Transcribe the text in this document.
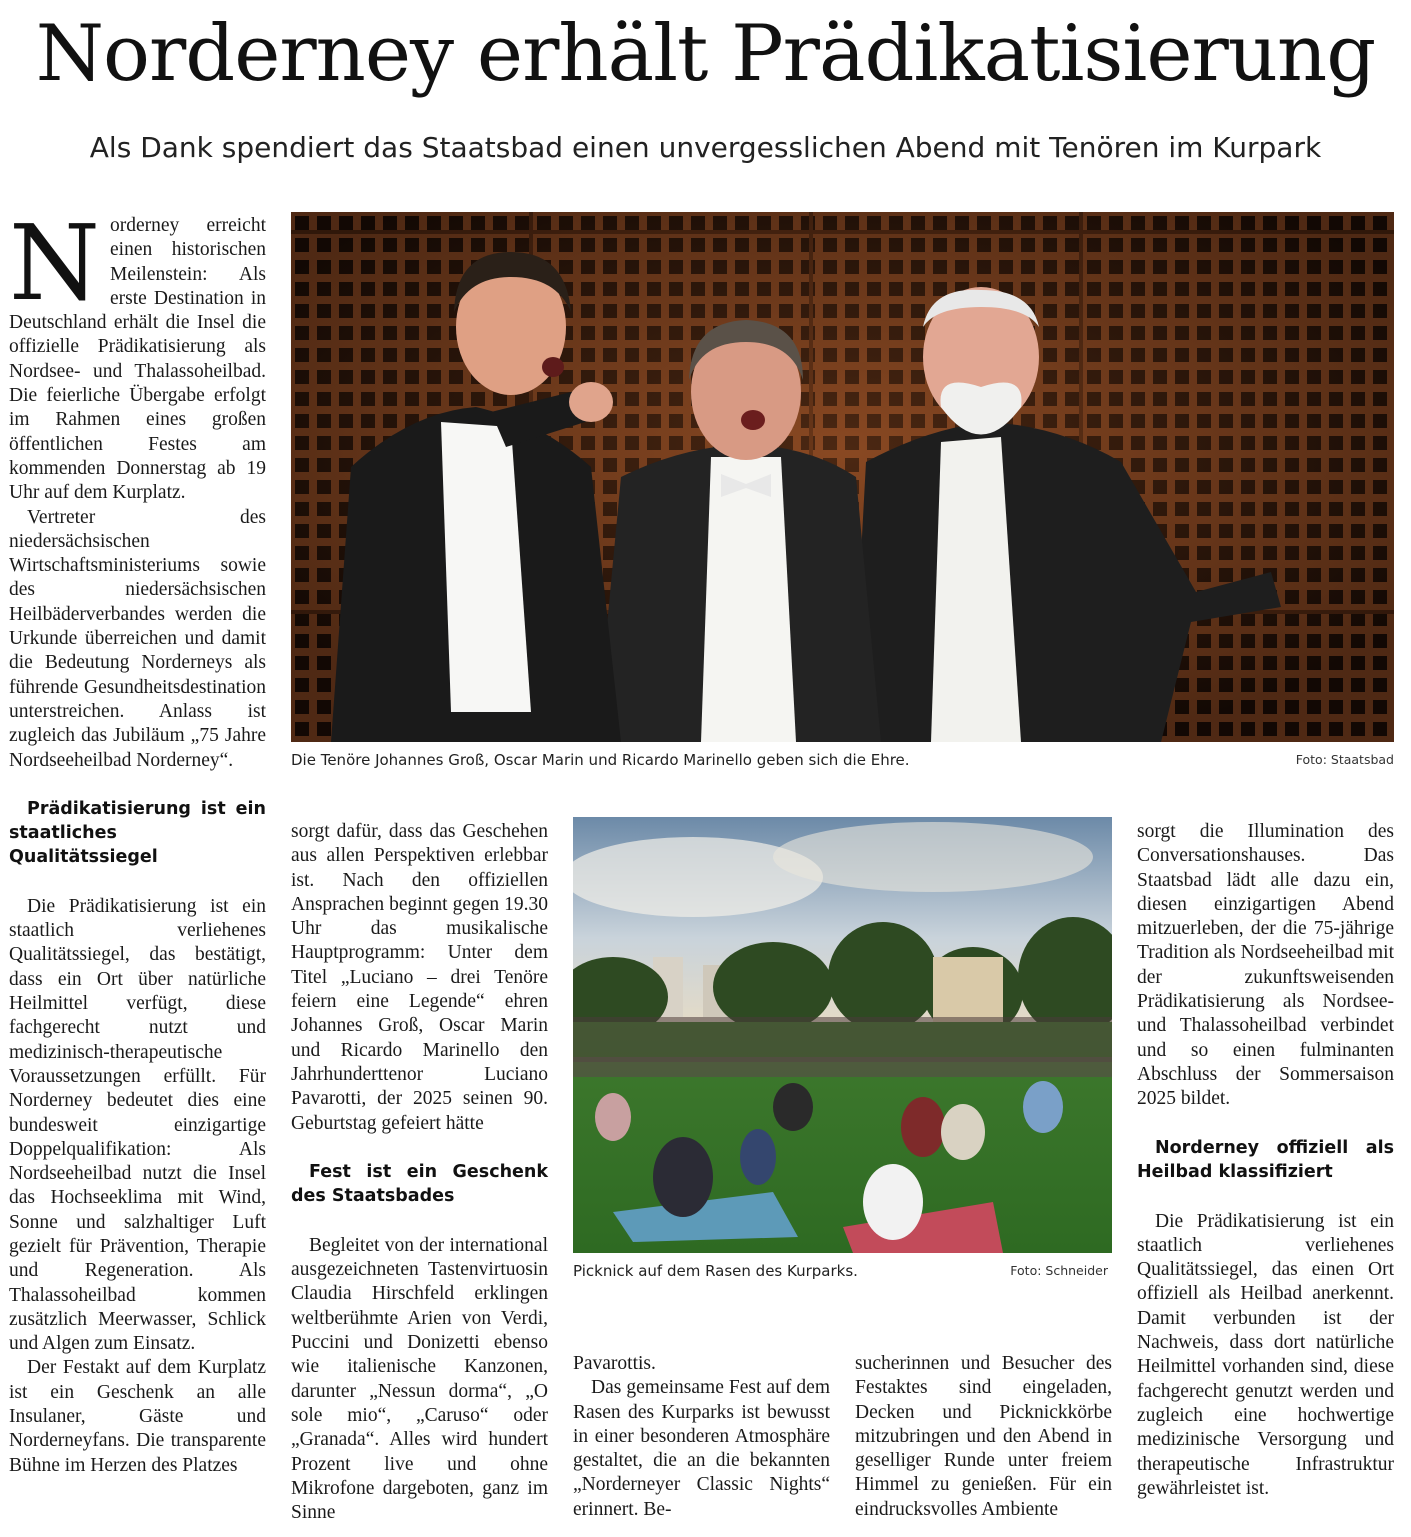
Norderney erhält Prädikatisierung
Als Dank spendiert das Staatsbad einen unvergesslichen Abend mit Tenören im Kurpark
N orderney erreicht einen historischen Meilenstein: Als erste Destination in Deutschland erhält die Insel die offizielle Prädikatisierung als Nordsee- und Thalassoheilbad. Die feierliche Übergabe erfolgt im Rahmen eines großen öffentlichen Festes am kommenden Donnerstag ab 19 Uhr auf dem Kurplatz.

Vertreter des niedersächsischen Wirtschaftsministeriums sowie des niedersächsischen Heilbäderverbandes werden die Urkunde überreichen und damit die Bedeutung Norderneys als führende Gesundheitsdestination unterstreichen. Anlass ist zugleich das Jubiläum „75 Jahre Nordseeheilbad Norderney“.

Prädikatisierung ist ein staatliches Qualitätssiegel

Die Prädikatisierung ist ein staatlich verliehenes Qualitätssiegel, das bestätigt, dass ein Ort über natürliche Heilmittel verfügt, diese fachgerecht nutzt und medizinisch-therapeutische Voraussetzungen erfüllt. Für Norderney bedeutet dies eine bundesweit einzigartige Doppelqualifikation: Als Nordseeheilbad nutzt die Insel das Hochseeklima mit Wind, Sonne und salzhaltiger Luft gezielt für Prävention, Therapie und Regeneration. Als Thalassoheilbad kommen zusätzlich Meerwasser, Schlick und Algen zum Einsatz.

Der Festakt auf dem Kurplatz ist ein Geschenk an alle Insulaner, Gäste und Norderneyfans. Die transparente Bühne im Herzen des Platzes

Die Tenöre Johannes Groß, Oscar Marin und Ricardo Marinello geben sich die Ehre.	Foto: Staatsbad

sorgt dafür, dass das Geschehen aus allen Perspektiven erlebbar ist. Nach den offiziellen Ansprachen beginnt gegen 19.30 Uhr das musikalische Hauptprogramm: Unter dem Titel „Luciano – drei Tenöre feiern eine Legende“ ehren Johannes Groß, Oscar Marin und Ricardo Marinello den Jahrhunderttenor Luciano Pavarotti, der 2025 seinen 90. Geburtstag gefeiert hätte

Fest ist ein Geschenk des Staatsbades

Begleitet von der international ausgezeichneten Tastenvirtuosin Claudia Hirschfeld erklingen weltberühmte Arien von Verdi, Puccini und Donizetti ebenso wie italienische Kanzonen, darunter „Nessun dorma“, „O sole mio“, „Caruso“ oder „Granada“. Alles wird hundert Prozent live und ohne Mikrofone dargeboten, ganz im Sinne

Picknick auf dem Rasen des Kurparks.	Foto: Schneider

Pavarottis.

Das gemeinsame Fest auf dem Rasen des Kurparks ist bewusst in einer besonderen Atmosphäre gestaltet, die an die bekannten „Norderneyer Classic Nights“ erinnert. Be-

sucherinnen und Besucher des Festaktes sind eingeladen, Decken und Picknickkörbe mitzubringen und den Abend in geselliger Runde unter freiem Himmel zu genießen. Für ein eindrucksvolles Ambiente

sorgt die Illumination des Conversationshauses. Das Staatsbad lädt alle dazu ein, diesen einzigartigen Abend mitzuerleben, der die 75-jährige Tradition als Nordseeheilbad mit der zukunftsweisenden Prädikatisierung als Nordsee- und Thalassoheilbad verbindet und so einen fulminanten Abschluss der Sommersaison 2025 bildet.

Norderney offiziell als Heilbad klassifiziert

Die Prädikatisierung ist ein staatlich verliehenes Qualitätssiegel, das einen Ort offiziell als Heilbad anerkennt. Damit verbunden ist der Nachweis, dass dort natürliche Heilmittel vorhanden sind, diese fachgerecht genutzt werden und zugleich eine hochwertige medizinische Versorgung und therapeutische Infrastruktur gewährleistet ist.
